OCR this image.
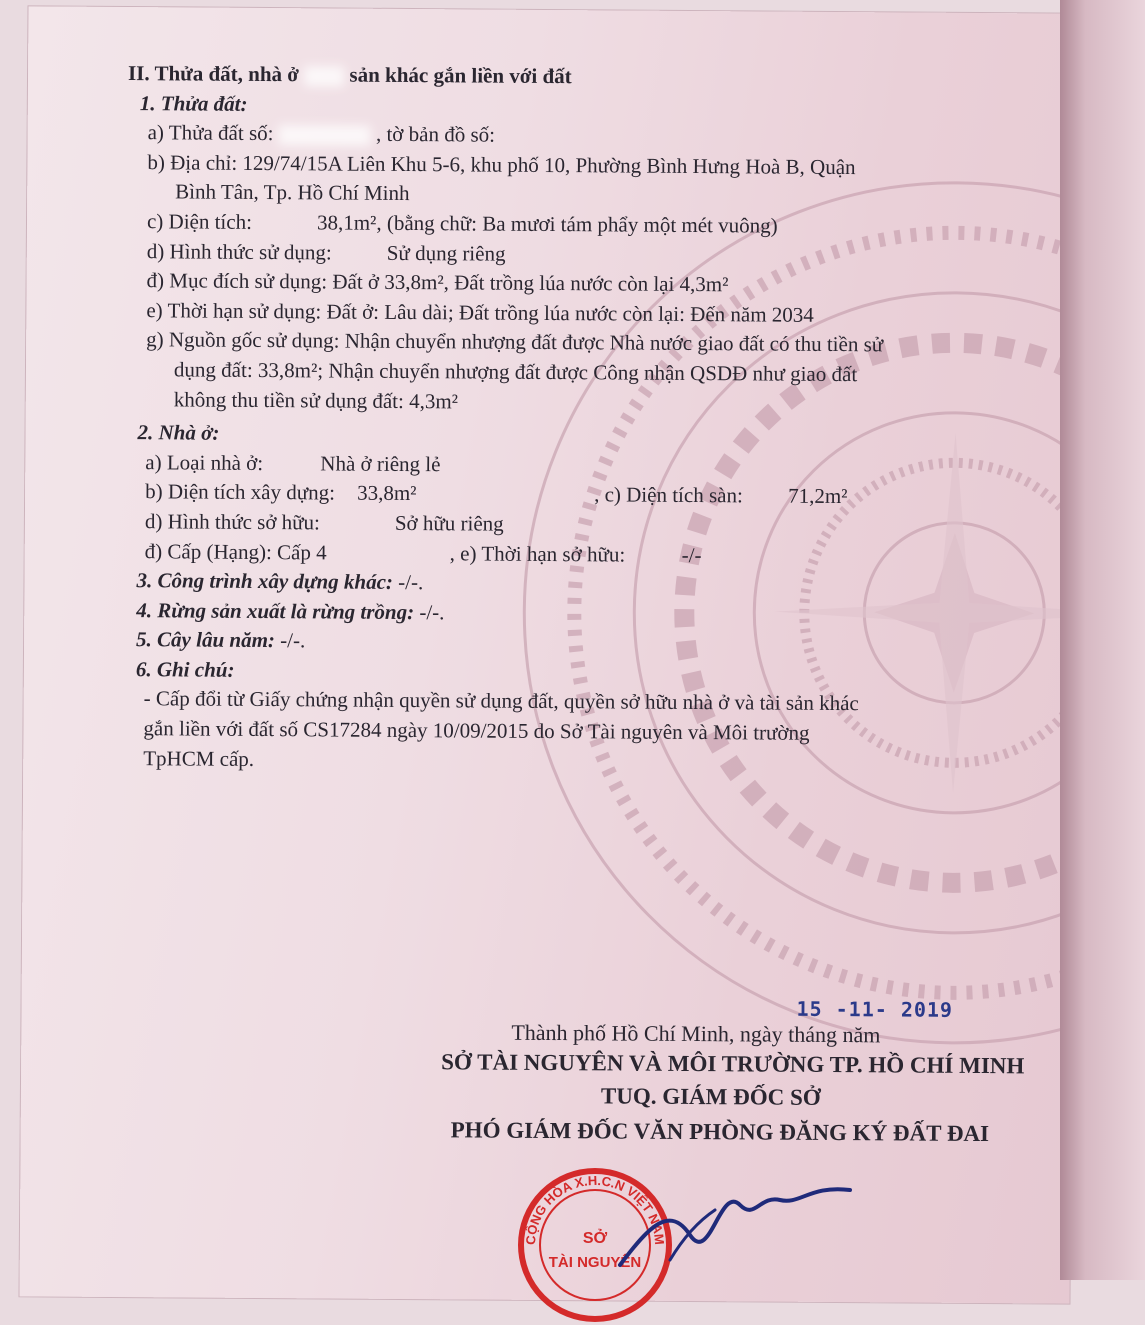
II. Thửa đất, nhà ở sản khác gắn liền với đất
1. Thửa đất:
a) Thửa đất số:	, tờ bản đồ số:
b) Địa chỉ: 129/74/15A Liên Khu 5-6, khu phố 10, Phường Bình Hưng Hoà B, Quận
Bình Tân, Tp. Hồ Chí Minh
c) Diện tích:	38,1m², (bằng chữ: Ba mươi tám phẩy một mét vuông)
d) Hình thức sử dụng:	Sử dụng riêng
đ) Mục đích sử dụng: Đất ở 33,8m², Đất trồng lúa nước còn lại 4,3m²
e) Thời hạn sử dụng: Đất ở: Lâu dài; Đất trồng lúa nước còn lại: Đến năm 2034
g) Nguồn gốc sử dụng: Nhận chuyển nhượng đất được Nhà nước giao đất có thu tiền sử
dụng đất: 33,8m²; Nhận chuyển nhượng đất được Công nhận QSDĐ như giao đất
không thu tiền sử dụng đất: 4,3m²
2. Nhà ở:
a) Loại nhà ở:	Nhà ở riêng lẻ
b) Diện tích xây dựng: 33,8m²	, c) Diện tích sàn: 71,2m²
d) Hình thức sở hữu:	Sở hữu riêng
đ) Cấp (Hạng): Cấp 4	, e) Thời hạn sở hữu:	-/-
3. Công trình xây dựng khác: -/-.
4. Rừng sản xuất là rừng trồng: -/-.
5. Cây lâu năm: -/-.
6. Ghi chú:
- Cấp đổi từ Giấy chứng nhận quyền sử dụng đất, quyền sở hữu nhà ở và tài sản khác
gắn liền với đất số CS17284 ngày 10/09/2015 do Sở Tài nguyên và Môi trường
TpHCM cấp.
15 -11- 2019
Thành phố Hồ Chí Minh, ngày tháng năm
SỞ TÀI NGUYÊN VÀ MÔI TRƯỜNG TP. HỒ CHÍ MINH
TUQ. GIÁM ĐỐC SỞ
PHÓ GIÁM ĐỐC VĂN PHÒNG ĐĂNG KÝ ĐẤT ĐAI
CỘNG HÒA X.H.C.N VIỆT NAM
SỞ
TÀI NGUYÊN
